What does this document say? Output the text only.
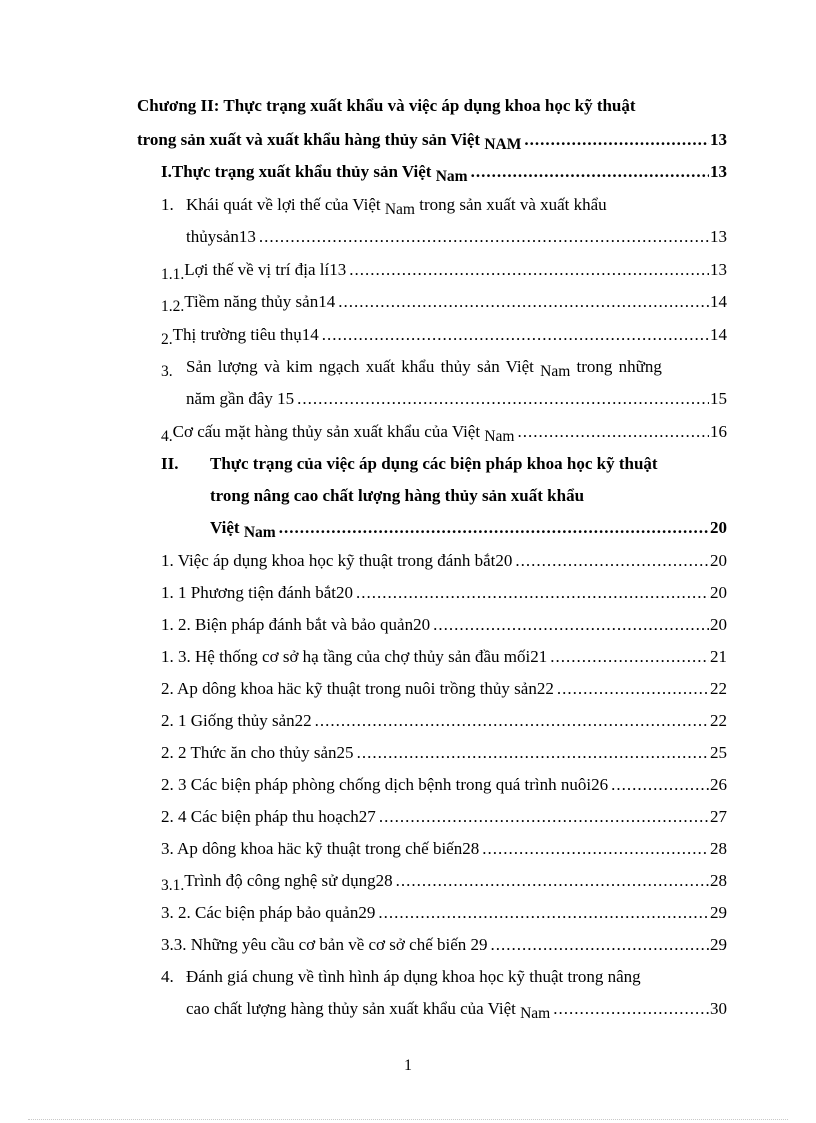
Chương II: Thực trạng xuất khẩu và việc áp dụng khoa học kỹ thuật
trong sản xuất và xuất khẩu hàng thủy sản Việt NAM .....	13
I. Thực trạng xuất khẩu thủy sản Việt Nam .....	13
1. Khái quát về lợi thế của Việt Nam trong sản xuất và xuất khẩu
thủysản13 .....	13
1.1. Lợi thế về vị trí địa lí13 .....	13
1.2. Tiềm năng thủy sản14 .....	14
2. Thị trường tiêu thụ14 .....	14
3. Sản lượng và kim ngạch xuất khẩu thủy sản Việt Nam trong những
năm gần đây 15 .....	15
4. Cơ cấu mặt hàng thủy sản xuất khẩu của Việt Nam .....	16
II.	Thực trạng của việc áp dụng các biện pháp khoa học kỹ thuật
trong nâng cao chất lượng hàng thủy sản xuất khẩu
Việt Nam .....	20
1. Việc áp dụng khoa học kỹ thuật trong đánh bắt20 .....	20
1. 1 Phương tiện đánh bắt20 .....	20
1. 2. Biện pháp đánh bắt và bảo quản20 .....	20
1. 3. Hệ thống cơ sở hạ tầng của chợ thủy sản đầu mối21 .....	21
2. Ap dông khoa häc kỹ thuật trong nuôi trồng thủy sản22 .....	22
2. 1 Giống thủy sản22 .....	22
2. 2 Thức ăn cho thủy sản25 .....	25
2. 3 Các biện pháp phòng chống dịch bệnh trong quá trình nuôi26 .....	26
2. 4 Các biện pháp thu hoạch27 .....	27
3. Ap dông khoa häc kỹ thuật trong chế biến28 .....	28
3.1. Trình độ công nghệ sử dụng28 .....	28
3. 2. Các biện pháp bảo quản29 .....	29
3.3. Những yêu cầu cơ bản về cơ sở chế biến 29 .....	29
4. Đánh giá chung về tình hình áp dụng khoa học kỹ thuật trong nâng
cao chất lượng hàng thủy sản xuất khẩu của Việt Nam .....	30
1
